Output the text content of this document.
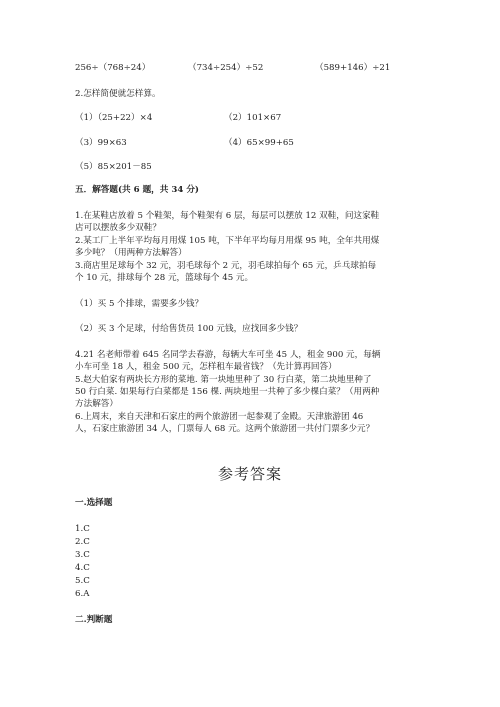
256÷（768÷24）	（734÷254）÷52	（589+146）÷21
2.怎样简便就怎样算。
（1）（25+22）×4	（2）101×67
（3）99×63	（4）65×99+65
（5）85×201－85
五．解答题(共 6 题，共 34 分)
1.在某鞋店放着 5 个鞋架，每个鞋架有 6 层，每层可以摆放 12 双鞋，问这家鞋
店可以摆放多少双鞋？
2.某工厂上半年平均每月用煤 105 吨，下半年平均每月用煤 95 吨，全年共用煤
多少吨？（用两种方法解答）
3.商店里足球每个 32 元，羽毛球每个 2 元，羽毛球拍每个 65 元，乒乓球拍每
个 10 元，排球每个 28 元，篮球每个 45 元。
（1）买 5 个排球，需要多少钱？
（2）买 3 个足球，付给售货员 100 元钱，应找回多少钱？
4.21 名老师带着 645 名同学去春游，每辆大车可坐 45 人，租金 900 元，每辆
小车可坐 18 人，租金 500 元，怎样租车最省钱？（先计算再回答）
5.赵大伯家有两块长方形的菜地. 第一块地里种了 30 行白菜，第二块地里种了
50 行白菜. 如果每行白菜都是 156 棵. 两块地里一共种了多少棵白菜？（用两种
方法解答）
6.上周末，来自天津和石家庄的两个旅游团一起参观了金殿。天津旅游团 46
人，石家庄旅游团 34 人，门票每人 68 元。这两个旅游团一共付门票多少元？
参考答案
一.选择题
1.C
2.C
3.C
4.C
5.C
6.A
二.判断题
